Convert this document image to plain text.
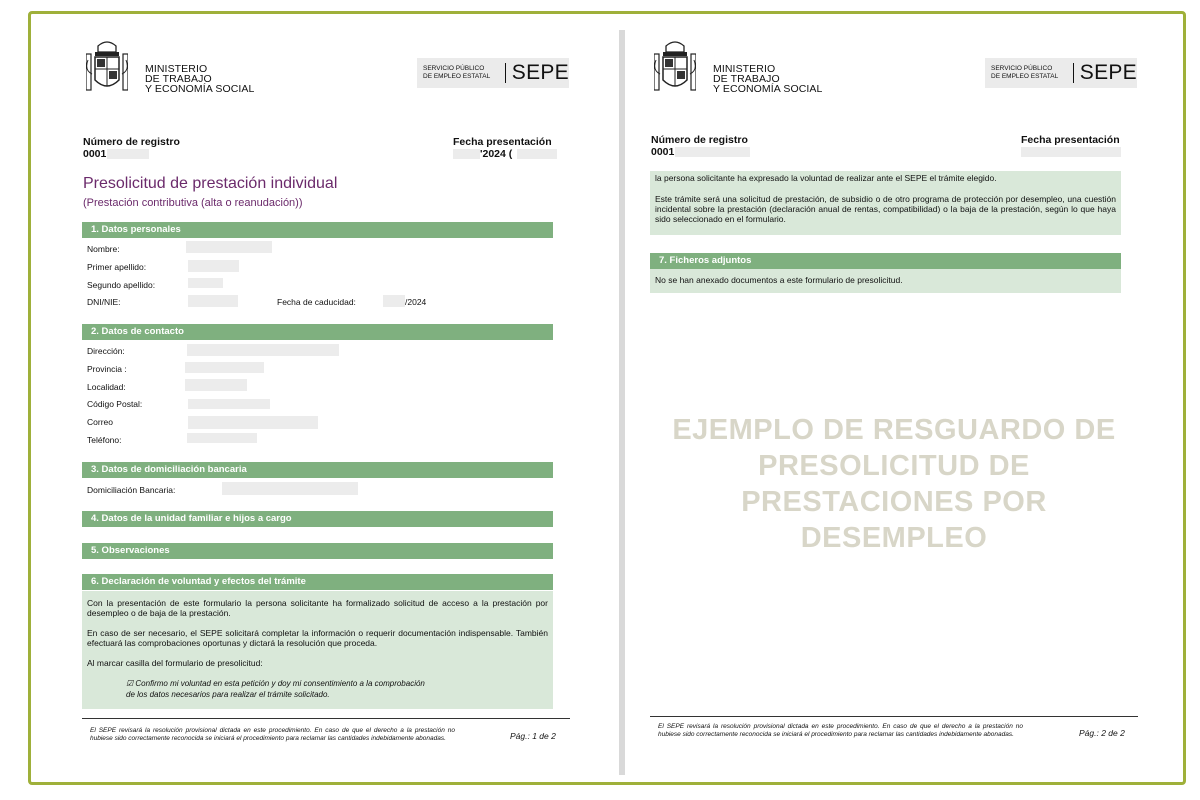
MINISTERIO
DE TRABAJO
Y ECONOMÍA SOCIAL
SERVICIO PÚBLICO
DE EMPLEO ESTATAL	SEPE
Número de registro
0001
Fecha presentación
'2024 (
Presolicitud de prestación individual
(Prestación contributiva (alta o reanudación))
1. Datos personales
Nombre:
Primer apellido:
Segundo apellido:
DNI/NIE:	Fecha de caducidad:	/2024
2. Datos de contacto
Dirección:
Provincia :
Localidad:
Código Postal:
Correo
Teléfono:
3. Datos de domiciliación bancaria
Domiciliación Bancaria:
4. Datos de la unidad familiar e hijos a cargo
5. Observaciones
6. Declaración de voluntad y efectos del trámite
Con la presentación de este formulario la persona solicitante ha formalizado solicitud de acceso a la prestación por desempleo o de baja de la prestación.
En caso de ser necesario, el SEPE solicitará completar la información o requerir documentación indispensable. También efectuará las comprobaciones oportunas y dictará la resolución que proceda.
Al marcar casilla del formulario de presolicitud:
☑ Confirmo mi voluntad en esta petición y doy mi consentimiento a la comprobación
de los datos necesarios para realizar el trámite solicitado.
El SEPE revisará la resolución provisional dictada en este procedimiento. En caso de que el derecho a la prestación no hubiese sido correctamente reconocida se iniciará el procedimiento para reclamar las cantidades indebidamente abonadas.	Pág.: 1 de 2
MINISTERIO
DE TRABAJO
Y ECONOMÍA SOCIAL
SERVICIO PÚBLICO
DE EMPLEO ESTATAL	SEPE
Número de registro
0001
Fecha presentación
la persona solicitante ha expresado la voluntad de realizar ante el SEPE el trámite elegido.
Este trámite será una solicitud de prestación, de subsidio o de otro programa de protección por desempleo, una cuestión incidental sobre la prestación (declaración anual de rentas, compatibilidad) o la baja de la prestación, según lo que haya sido seleccionado en el formulario.
7. Ficheros adjuntos
No se han anexado documentos a este formulario de presolicitud.
EJEMPLO DE RESGUARDO DE PRESOLICITUD DE PRESTACIONES POR DESEMPLEO
El SEPE revisará la resolución provisional dictada en este procedimiento. En caso de que el derecho a la prestación no hubiese sido correctamente reconocida se iniciará el procedimiento para reclamar las cantidades indebidamente abonadas.	Pág.: 2 de 2
